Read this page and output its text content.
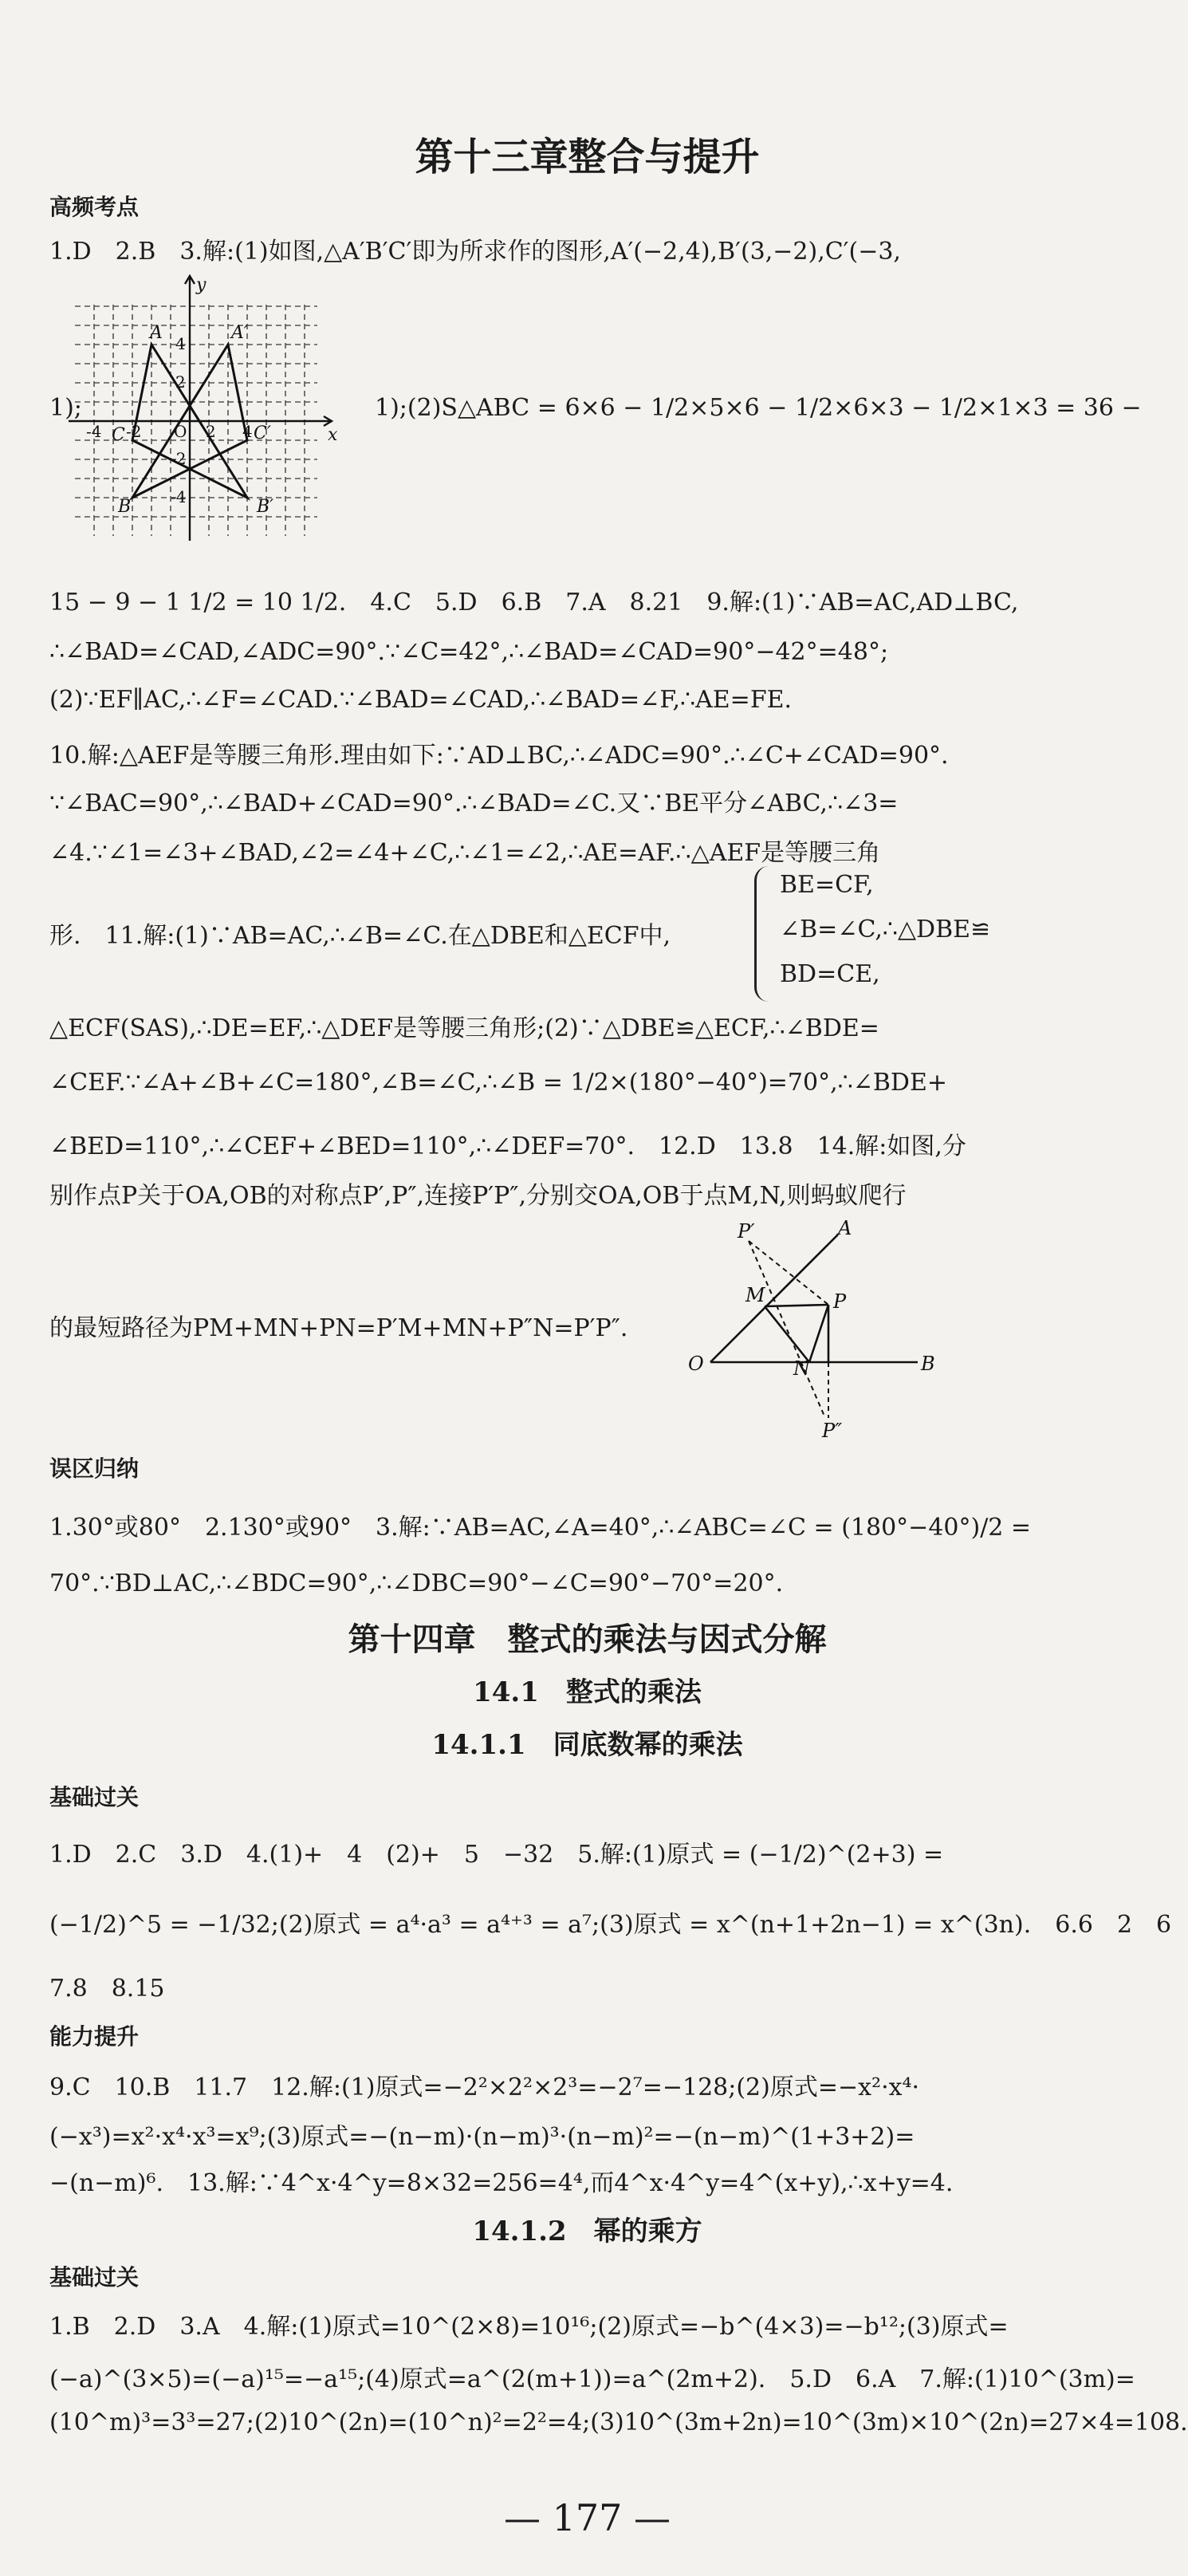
第十三章整合与提升
高频考点
1.D　2.B　3.解:(1)如图,△A′B′C′即为所求作的图形,A′(−2,4),B′(3,−2),C′(−3,
y
x
A	A′
B	B′
C	C′
-4 -2 O 2 4
4
2
-2
-4
1);	1);(2)S△ABC = 6×6 − 1/2×5×6 − 1/2×6×3 − 1/2×1×3 = 36 −
15 − 9 − 1 1/2 = 10 1/2.　4.C　5.D　6.B　7.A　8.21　9.解:(1)∵AB=AC,AD⊥BC,
∴∠BAD=∠CAD,∠ADC=90°.∵∠C=42°,∴∠BAD=∠CAD=90°−42°=48°;
(2)∵EF∥AC,∴∠F=∠CAD.∵∠BAD=∠CAD,∴∠BAD=∠F,∴AE=FE.
10.解:△AEF是等腰三角形.理由如下:∵AD⊥BC,∴∠ADC=90°.∴∠C+∠CAD=90°.
∵∠BAC=90°,∴∠BAD+∠CAD=90°.∴∠BAD=∠C.又∵BE平分∠ABC,∴∠3=
∠4.∵∠1=∠3+∠BAD,∠2=∠4+∠C,∴∠1=∠2,∴AE=AF.∴△AEF是等腰三角
形.　11.解:(1)∵AB=AC,∴∠B=∠C.在△DBE和△ECF中,
BE=CF,
∠B=∠C,∴△DBE≌
BD=CE,
△ECF(SAS),∴DE=EF,∴△DEF是等腰三角形;(2)∵△DBE≌△ECF,∴∠BDE=
∠CEF.∵∠A+∠B+∠C=180°,∠B=∠C,∴∠B = 1/2×(180°−40°)=70°,∴∠BDE+
∠BED=110°,∴∠CEF+∠BED=110°,∴∠DEF=70°.　12.D　13.8　14.解:如图,分
别作点P关于OA,OB的对称点P′,P″,连接P′P″,分别交OA,OB于点M,N,则蚂蚁爬行
的最短路径为PM+MN+PN=P′M+MN+P″N=P′P″.
P′	A
M	P
O	N	B
P″
误区归纳
1.30°或80°　2.130°或90°　3.解:∵AB=AC,∠A=40°,∴∠ABC=∠C = (180°−40°)/2 =
70°.∵BD⊥AC,∴∠BDC=90°,∴∠DBC=90°−∠C=90°−70°=20°.
第十四章　整式的乘法与因式分解
14.1　整式的乘法
14.1.1　同底数幂的乘法
基础过关
1.D　2.C　3.D　4.(1)+　4　(2)+　5　−32　5.解:(1)原式 = (−1/2)^(2+3) =
(−1/2)^5 = −1/32;(2)原式 = a⁴·a³ = a⁴⁺³ = a⁷;(3)原式 = x^(n+1+2n−1) = x^(3n).　6.6　2　6
7.8　8.15
能力提升
9.C　10.B　11.7　12.解:(1)原式=−2²×2²×2³=−2⁷=−128;(2)原式=−x²·x⁴·
(−x³)=x²·x⁴·x³=x⁹;(3)原式=−(n−m)·(n−m)³·(n−m)²=−(n−m)^(1+3+2)=
−(n−m)⁶.　13.解:∵4^x·4^y=8×32=256=4⁴,而4^x·4^y=4^(x+y),∴x+y=4.
14.1.2　幂的乘方
基础过关
1.B　2.D　3.A　4.解:(1)原式=10^(2×8)=10¹⁶;(2)原式=−b^(4×3)=−b¹²;(3)原式=
(−a)^(3×5)=(−a)¹⁵=−a¹⁵;(4)原式=a^(2(m+1))=a^(2m+2).　5.D　6.A　7.解:(1)10^(3m)=
(10^m)³=3³=27;(2)10^(2n)=(10^n)²=2²=4;(3)10^(3m+2n)=10^(3m)×10^(2n)=27×4=108.
— 177 —
